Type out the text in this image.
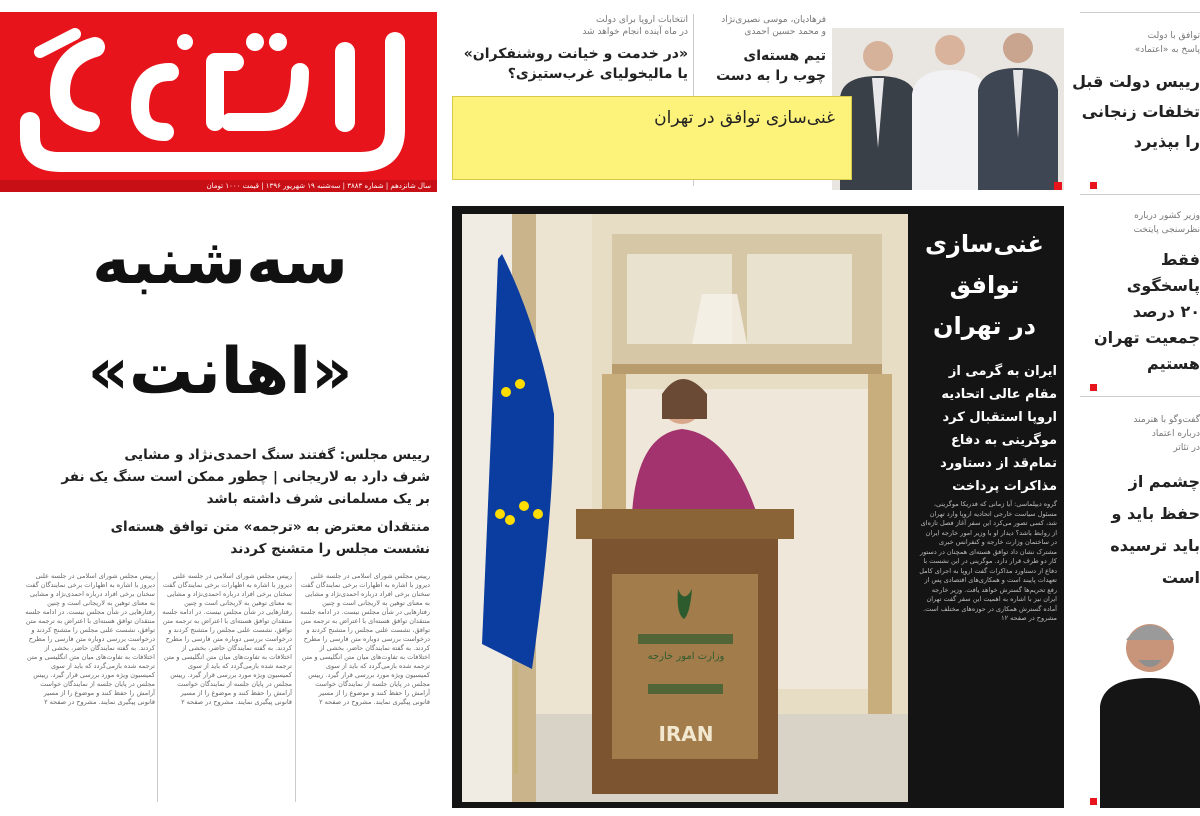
سال شانزدهم | شماره ۳۸۸۳ | سه‌شنبه ۱۹ شهریور ۱۳۹۶ | قیمت ۱۰۰۰ تومان
سه‌شنبه
«اهانت»
رییس مجلس: گفتند سنگ احمدی‌نژاد و مشایی
شرف دارد به لاریجانی | چطور ممکن است سنگ یک نفر
بر یک مسلمانی شرف داشته باشد
منتقدان معترض به «ترجمه» متن توافق هسته‌ای
نشست مجلس را متشنج کردند
رییس مجلس شورای اسلامی در جلسه علنی دیروز با اشاره به اظهارات برخی نمایندگان گفت سخنان برخی افراد درباره احمدی‌نژاد و مشایی به معنای توهین به لاریجانی است و چنین رفتارهایی در شأن مجلس نیست. در ادامه جلسه منتقدان توافق هسته‌ای با اعتراض به ترجمه متن توافق، نشست علنی مجلس را متشنج کردند و درخواست بررسی دوباره متن فارسی را مطرح کردند. به گفته نمایندگان حاضر، بخشی از اختلافات به تفاوت‌های میان متن انگلیسی و متن ترجمه شده بازمی‌گردد که باید از سوی کمیسیون ویژه مورد بررسی قرار گیرد. رییس مجلس در پایان جلسه از نمایندگان خواست آرامش را حفظ کنند و موضوع را از مسیر قانونی پیگیری نمایند. مشروح در صفحه ۲
رییس مجلس شورای اسلامی در جلسه علنی دیروز با اشاره به اظهارات برخی نمایندگان گفت سخنان برخی افراد درباره احمدی‌نژاد و مشایی به معنای توهین به لاریجانی است و چنین رفتارهایی در شأن مجلس نیست. در ادامه جلسه منتقدان توافق هسته‌ای با اعتراض به ترجمه متن توافق، نشست علنی مجلس را متشنج کردند و درخواست بررسی دوباره متن فارسی را مطرح کردند. به گفته نمایندگان حاضر، بخشی از اختلافات به تفاوت‌های میان متن انگلیسی و متن ترجمه شده بازمی‌گردد که باید از سوی کمیسیون ویژه مورد بررسی قرار گیرد. رییس مجلس در پایان جلسه از نمایندگان خواست آرامش را حفظ کنند و موضوع را از مسیر قانونی پیگیری نمایند. مشروح در صفحه ۲
رییس مجلس شورای اسلامی در جلسه علنی دیروز با اشاره به اظهارات برخی نمایندگان گفت سخنان برخی افراد درباره احمدی‌نژاد و مشایی به معنای توهین به لاریجانی است و چنین رفتارهایی در شأن مجلس نیست. در ادامه جلسه منتقدان توافق هسته‌ای با اعتراض به ترجمه متن توافق، نشست علنی مجلس را متشنج کردند و درخواست بررسی دوباره متن فارسی را مطرح کردند. به گفته نمایندگان حاضر، بخشی از اختلافات به تفاوت‌های میان متن انگلیسی و متن ترجمه شده بازمی‌گردد که باید از سوی کمیسیون ویژه مورد بررسی قرار گیرد. رییس مجلس در پایان جلسه از نمایندگان خواست آرامش را حفظ کنند و موضوع را از مسیر قانونی پیگیری نمایند. مشروح در صفحه ۲
انتخابات اروپا برای دولت
در ماه آینده انجام خواهد شد
«در خدمت و خیانت روشنفکران»
یا مالیخولیای غرب‌ستیزی؟
فرهادیان، موسی‌ نصیری‌نژاد
و محمد حسین احمدی
تیم هسته‌ای
چوب را به دست
غنی‌سازی توافق در تهران
IRAN
وزارت امور خارجه
غنی‌سازی
توافق
در تهران
ایران به گرمی از
مقام عالی اتحادیه
اروپا استقبال کرد
موگرینی به دفاع
تمام‌قد از دستاورد
مذاکرات پرداخت
گروه دیپلماسی: آیا زمانی که فدریکا موگرینی، مسئول سیاست خارجی اتحادیه اروپا وارد تهران شد، کسی تصور می‌کرد این سفر آغاز فصل تازه‌ای از روابط باشد؟ دیدار او با وزیر امور خارجه ایران در ساختمان وزارت خارجه و کنفرانس خبری مشترک نشان داد توافق هسته‌ای همچنان در دستور کار دو طرف قرار دارد. موگرینی در این نشست با دفاع از دستاورد مذاکرات گفت اروپا به اجرای کامل تعهدات پایبند است و همکاری‌های اقتصادی پس از رفع تحریم‌ها گسترش خواهد یافت. وزیر خارجه ایران نیز با اشاره به اهمیت این سفر گفت تهران آماده گسترش همکاری در حوزه‌های مختلف است. مشروح در صفحه ۱۲
توافق با دولت
پاسخ به «اعتماد»
رییس دولت قبل
تخلفات زنجانی
را بپذیرد
وزیر کشور درباره
نظرسنجی پایتخت
فقط
پاسخگوی
۲۰ درصد
جمعیت تهران
هستیم
گفت‌وگو با هنرمند
درباره اعتماد
در تئاتر
چشمم از
حفظ باید و
باید ترسیده
است
